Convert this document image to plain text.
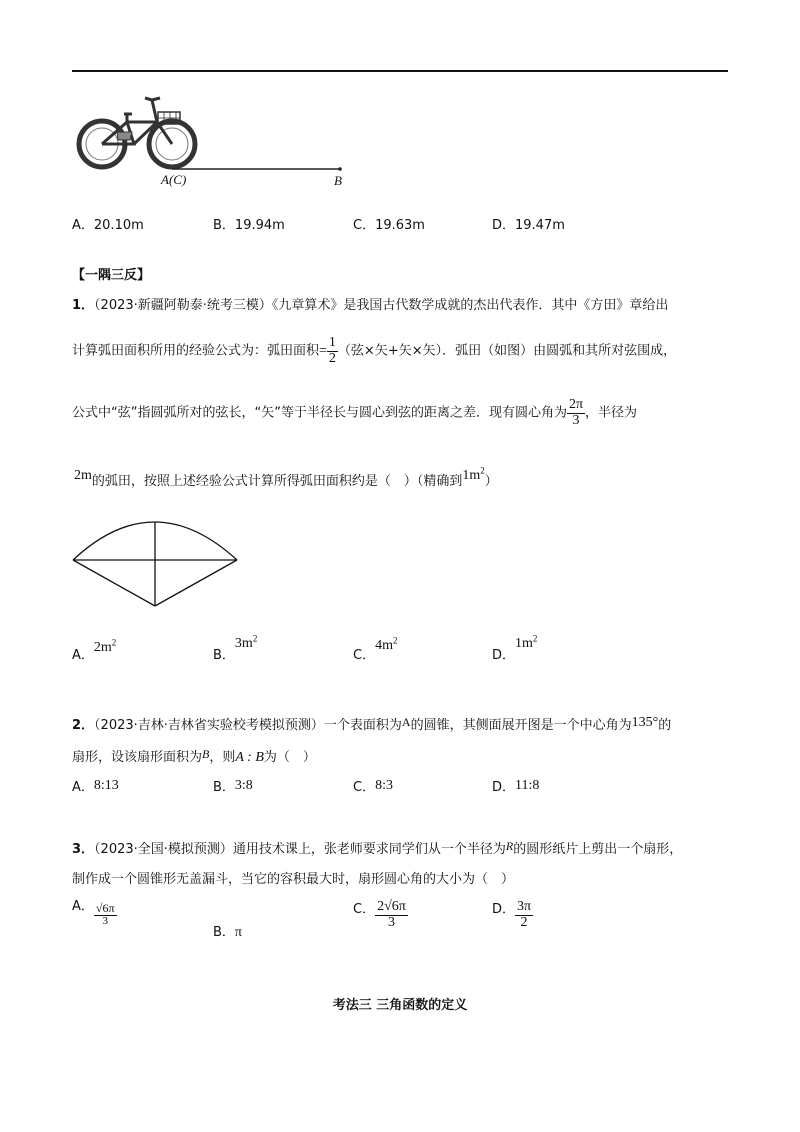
A(C)	B
A．20.10m	B．19.94m	C．19.63m	D．19.47m
【一隅三反】
1．（2023·新疆阿勒泰·统考三模）《九章算术》是我国古代数学成就的杰出代表作．其中《方田》章给出
计算弧田面积所用的经验公式为：弧田面积= $\frac{1}{2}$ （弦×矢+矢×矢）．弧田（如图）由圆弧和其所对弦围成，
公式中“弦”指圆弧所对的弦长，“矢”等于半径长与圆心到弦的距离之差．现有圆心角为 $\frac{2\pi}{3}$ ，半径为
2m的弧田，按照上述经验公式计算所得弧田面积约是（　）（精确到$1m^2$）
A．$2m^2$
B．$3m^2$
C．$4m^2$
D．$1m^2$
2．（2023·吉林·吉林省实验校考模拟预测）一个表面积为A的圆锥，其侧面展开图是一个中心角为135°的
扇形，设该扇形面积为B，则A : B为（　）
A．8:13	B．3:8	C．8:3	D．11:8
3．（2023·全国·模拟预测）通用技术课上，张老师要求同学们从一个半径为R的圆形纸片上剪出一个扇形，
制作成一个圆锥形无盖漏斗，当它的容积最大时，扇形圆心角的大小为（　）
A． $\frac{√6\pi}{3}$
B．π
C． $\frac{2√6\pi}{3}$	D． $\frac{3\pi}{2}$
考法三 三角函数的定义
